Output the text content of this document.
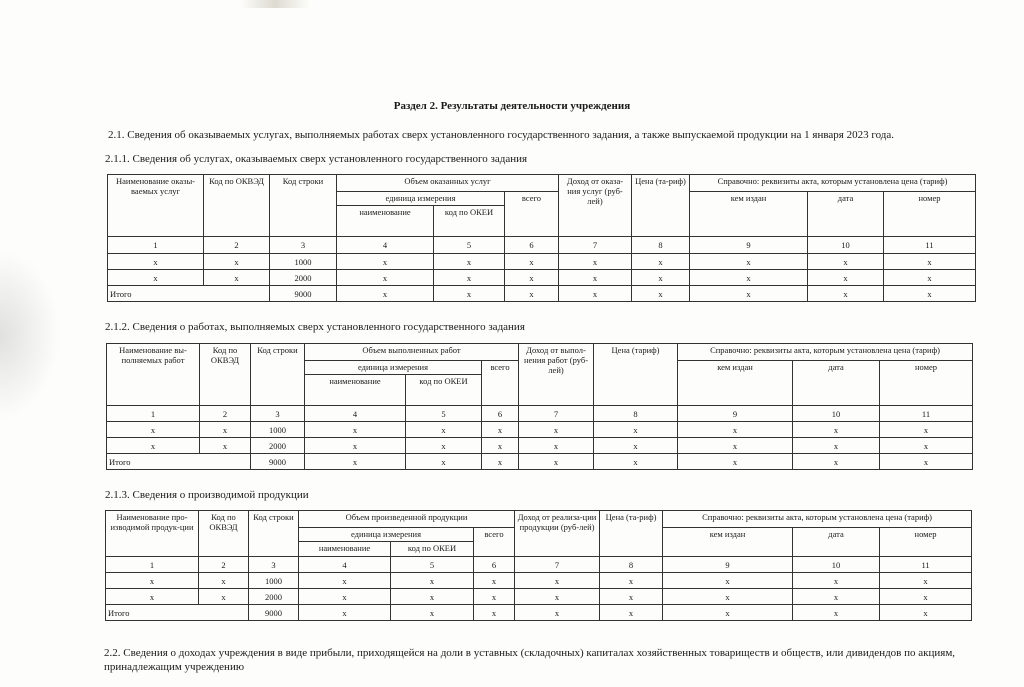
Раздел 2. Результаты деятельности учреждения
2.1. Сведения об оказываемых услугах, выполняемых работах сверх установленного государственного задания, а также выпускаемой продукции на 1 января 2023 года.
2.1.1. Сведения об услугах, оказываемых сверх установленного государственного задания
Наименование оказы-ваемых услуг	Код по ОКВЭД	Код строки	Объем оказанных услуг			Доход от оказа-ния услуг (руб-лей)	Цена (та-риф)	Справочно: реквизиты акта, которым установлена цена (тариф)		
			единица измерения		всего			кем издан	дата	номер
			наименование	код по ОКЕИ						
1	2	3	4	5	6	7	8	9	10	11
x	x	1000	x	x	x	x	x	x	x	x
x	x	2000	x	x	x	x	x	x	x	x
Итого		9000	x	x	x	x	x	x	x	x
2.1.2. Сведения о работах, выполняемых сверх установленного государственного задания
Наименование вы-полняемых работ	Код по ОКВЭД	Код строки	Объем выполненных работ			Доход от выпол-нения работ (руб-лей)	Цена (тариф)	Справочно: реквизиты акта, которым установлена цена (тариф)		
			единица измерения		всего			кем издан	дата	номер
			наименование	код по ОКЕИ						
1	2	3	4	5	6	7	8	9	10	11
x	x	1000	x	x	x	x	x	x	x	x
x	x	2000	x	x	x	x	x	x	x	x
Итого		9000	x	x	x	x	x	x	x	x
2.1.3. Сведения о производимой продукции
Наименование про-изводимой продук-ции	Код по ОКВЭД	Код строки	Объем произведенной продукции			Доход от реализа-ции продукции (руб-лей)	Цена (та-риф)	Справочно: реквизиты акта, которым установлена цена (тариф)		
			единица измерения		всего			кем издан	дата	номер
			наименование	код по ОКЕИ						
1	2	3	4	5	6	7	8	9	10	11
x	x	1000	x	x	x	x	x	x	x	x
x	x	2000	x	x	x	x	x	x	x	x
Итого		9000	x	x	x	x	x	x	x	x
2.2. Сведения о доходах учреждения в виде прибыли, приходящейся на доли в уставных (складочных) капиталах хозяйственных товариществ и обществ, или дивидендов по акциям, принадлежащим учреждению
